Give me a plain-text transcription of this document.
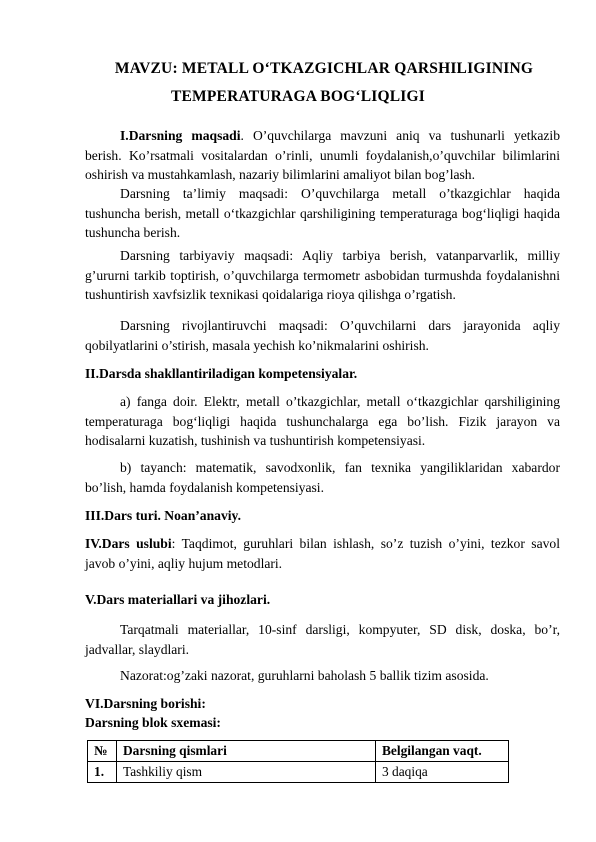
MAVZU: METALL O‘TKAZGICHLAR QARSHILIGINING
TEMPERATURAGA BOG‘LIQLIGI

I.Darsning maqsadi. O’quvchilarga mavzuni aniq va tushunarli yetkazib berish. Ko’rsatmali vositalardan o’rinli, unumli foydalanish,o’quvchilar bilimlarini oshirish va mustahkamlash, nazariy bilimlarini amaliyot bilan bog’lash.

Darsning ta’limiy maqsadi: O’quvchilarga metall o’tkazgichlar haqida tushuncha berish, metall o‘tkazgichlar qarshiligining temperaturaga bog‘liqligi haqida tushuncha berish.

Darsning tarbiyaviy maqsadi: Aqliy tarbiya berish, vatanparvarlik, milliy g’ururni tarkib toptirish, o’quvchilarga termometr asbobidan turmushda foydalanishni tushuntirish xavfsizlik texnikasi qoidalariga rioya qilishga o’rgatish.

Darsning rivojlantiruvchi maqsadi: O’quvchilarni dars jarayonida aqliy qobilyatlarini o’stirish, masala yechish ko’nikmalarini oshirish.

II.Darsda shakllantiriladigan kompetensiyalar.

a) fanga doir. Elektr, metall o’tkazgichlar, metall o‘tkazgichlar qarshiligining temperaturaga bog‘liqligi haqida tushunchalarga ega bo’lish. Fizik jarayon va hodisalarni kuzatish, tushinish va tushuntirish kompetensiyasi.

b) tayanch: matematik, savodxonlik, fan texnika yangiliklaridan xabardor bo’lish, hamda foydalanish kompetensiyasi.

III.Dars turi. Noan’anaviy.

IV.Dars uslubi: Taqdimot, guruhlari bilan ishlash, so’z tuzish o’yini, tezkor savol javob o’yini, aqliy hujum metodlari.

V.Dars materiallari va jihozlari.

Tarqatmali materiallar, 10-sinf darsligi, kompyuter, SD disk, doska, bo’r, jadvallar, slaydlari.

Nazorat:og’zaki nazorat, guruhlarni baholash 5 ballik tizim asosida.

VI.Darsning borishi:

Darsning blok sxemasi:

№	Darsning qismlari	Belgilangan vaqt.
1.	Tashkiliy qism	3 daqiqa
